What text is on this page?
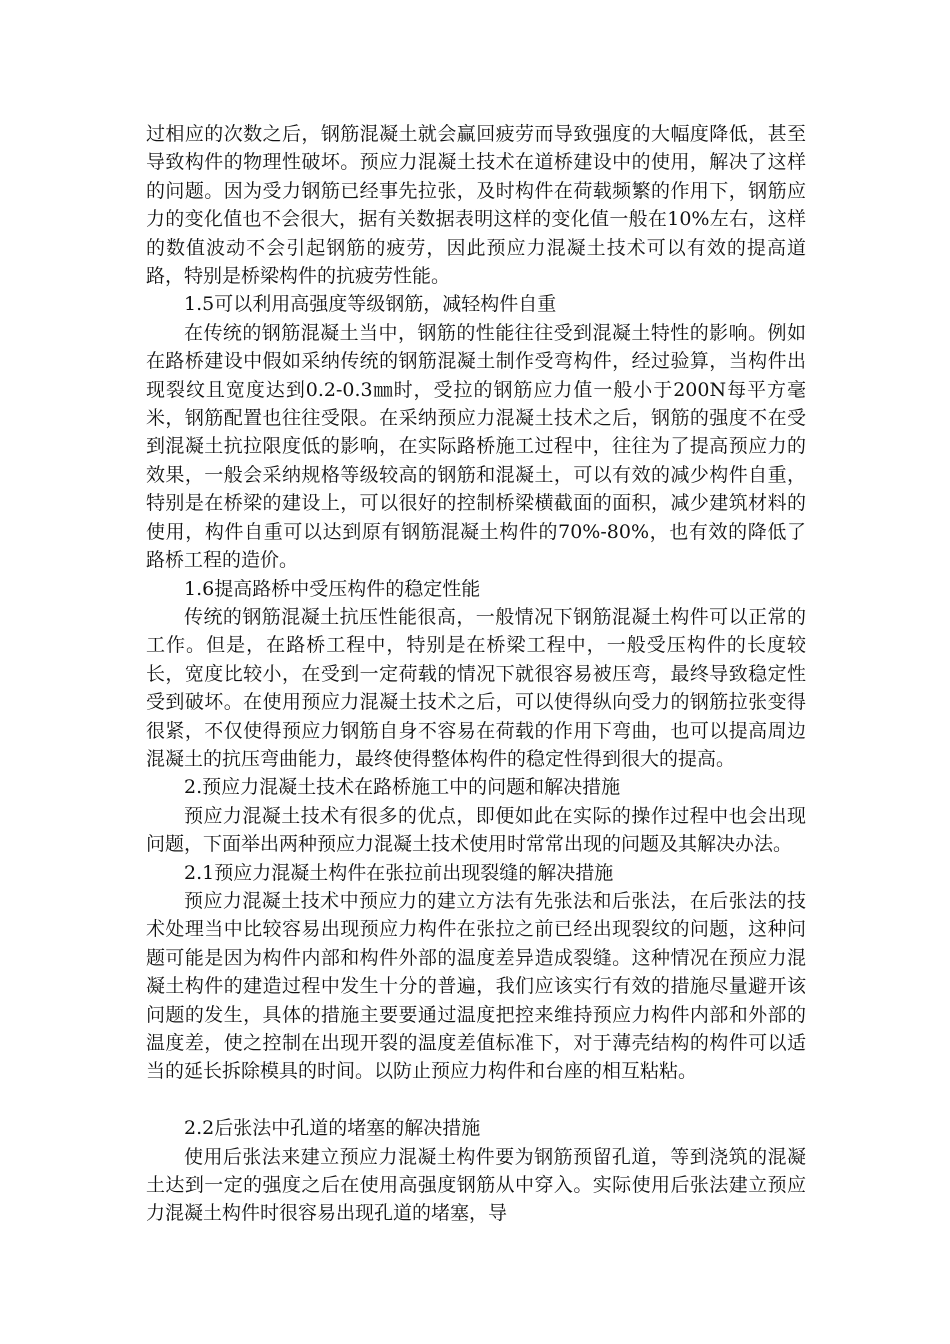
过相应的次数之后，钢筋混凝土就会赢回疲劳而导致强度的大幅度降低，甚至导致构件的物理性破坏。预应力混凝土技术在道桥建设中的使用，解决了这样的问题。因为受力钢筋已经事先拉张，及时构件在荷载频繁的作用下，钢筋应力的变化值也不会很大，据有关数据表明这样的变化值一般在10%左右，这样的数值波动不会引起钢筋的疲劳，因此预应力混凝土技术可以有效的提高道路，特别是桥梁构件的抗疲劳性能。

1.5可以利用高强度等级钢筋，减轻构件自重

在传统的钢筋混凝土当中，钢筋的性能往往受到混凝土特性的影响。例如在路桥建设中假如采纳传统的钢筋混凝土制作受弯构件，经过验算，当构件出现裂纹且宽度达到0.2-0.3㎜时，受拉的钢筋应力值一般小于200N每平方毫米，钢筋配置也往往受限。在采纳预应力混凝土技术之后，钢筋的强度不在受到混凝土抗拉限度低的影响，在实际路桥施工过程中，往往为了提高预应力的效果，一般会采纳规格等级较高的钢筋和混凝土，可以有效的减少构件自重，特别是在桥梁的建设上，可以很好的控制桥梁横截面的面积，减少建筑材料的使用，构件自重可以达到原有钢筋混凝土构件的70%-80%，也有效的降低了路桥工程的造价。

1.6提高路桥中受压构件的稳定性能

传统的钢筋混凝土抗压性能很高，一般情况下钢筋混凝土构件可以正常的工作。但是，在路桥工程中，特别是在桥梁工程中，一般受压构件的长度较长，宽度比较小，在受到一定荷载的情况下就很容易被压弯，最终导致稳定性受到破坏。在使用预应力混凝土技术之后，可以使得纵向受力的钢筋拉张变得很紧，不仅使得预应力钢筋自身不容易在荷载的作用下弯曲，也可以提高周边混凝土的抗压弯曲能力，最终使得整体构件的稳定性得到很大的提高。

2.预应力混凝土技术在路桥施工中的问题和解决措施

预应力混凝土技术有很多的优点，即便如此在实际的操作过程中也会出现问题，下面举出两种预应力混凝土技术使用时常常出现的问题及其解决办法。

2.1预应力混凝土构件在张拉前出现裂缝的解决措施

预应力混凝土技术中预应力的建立方法有先张法和后张法，在后张法的技术处理当中比较容易出现预应力构件在张拉之前已经出现裂纹的问题，这种问题可能是因为构件内部和构件外部的温度差异造成裂缝。这种情况在预应力混凝土构件的建造过程中发生十分的普遍，我们应该实行有效的措施尽量避开该问题的发生，具体的措施主要要通过温度把控来维持预应力构件内部和外部的温度差，使之控制在出现开裂的温度差值标准下，对于薄壳结构的构件可以适当的延长拆除模具的时间。以防止预应力构件和台座的相互粘粘。

2.2后张法中孔道的堵塞的解决措施

使用后张法来建立预应力混凝土构件要为钢筋预留孔道，等到浇筑的混凝土达到一定的强度之后在使用高强度钢筋从中穿入。实际使用后张法建立预应力混凝土构件时很容易出现孔道的堵塞，导
